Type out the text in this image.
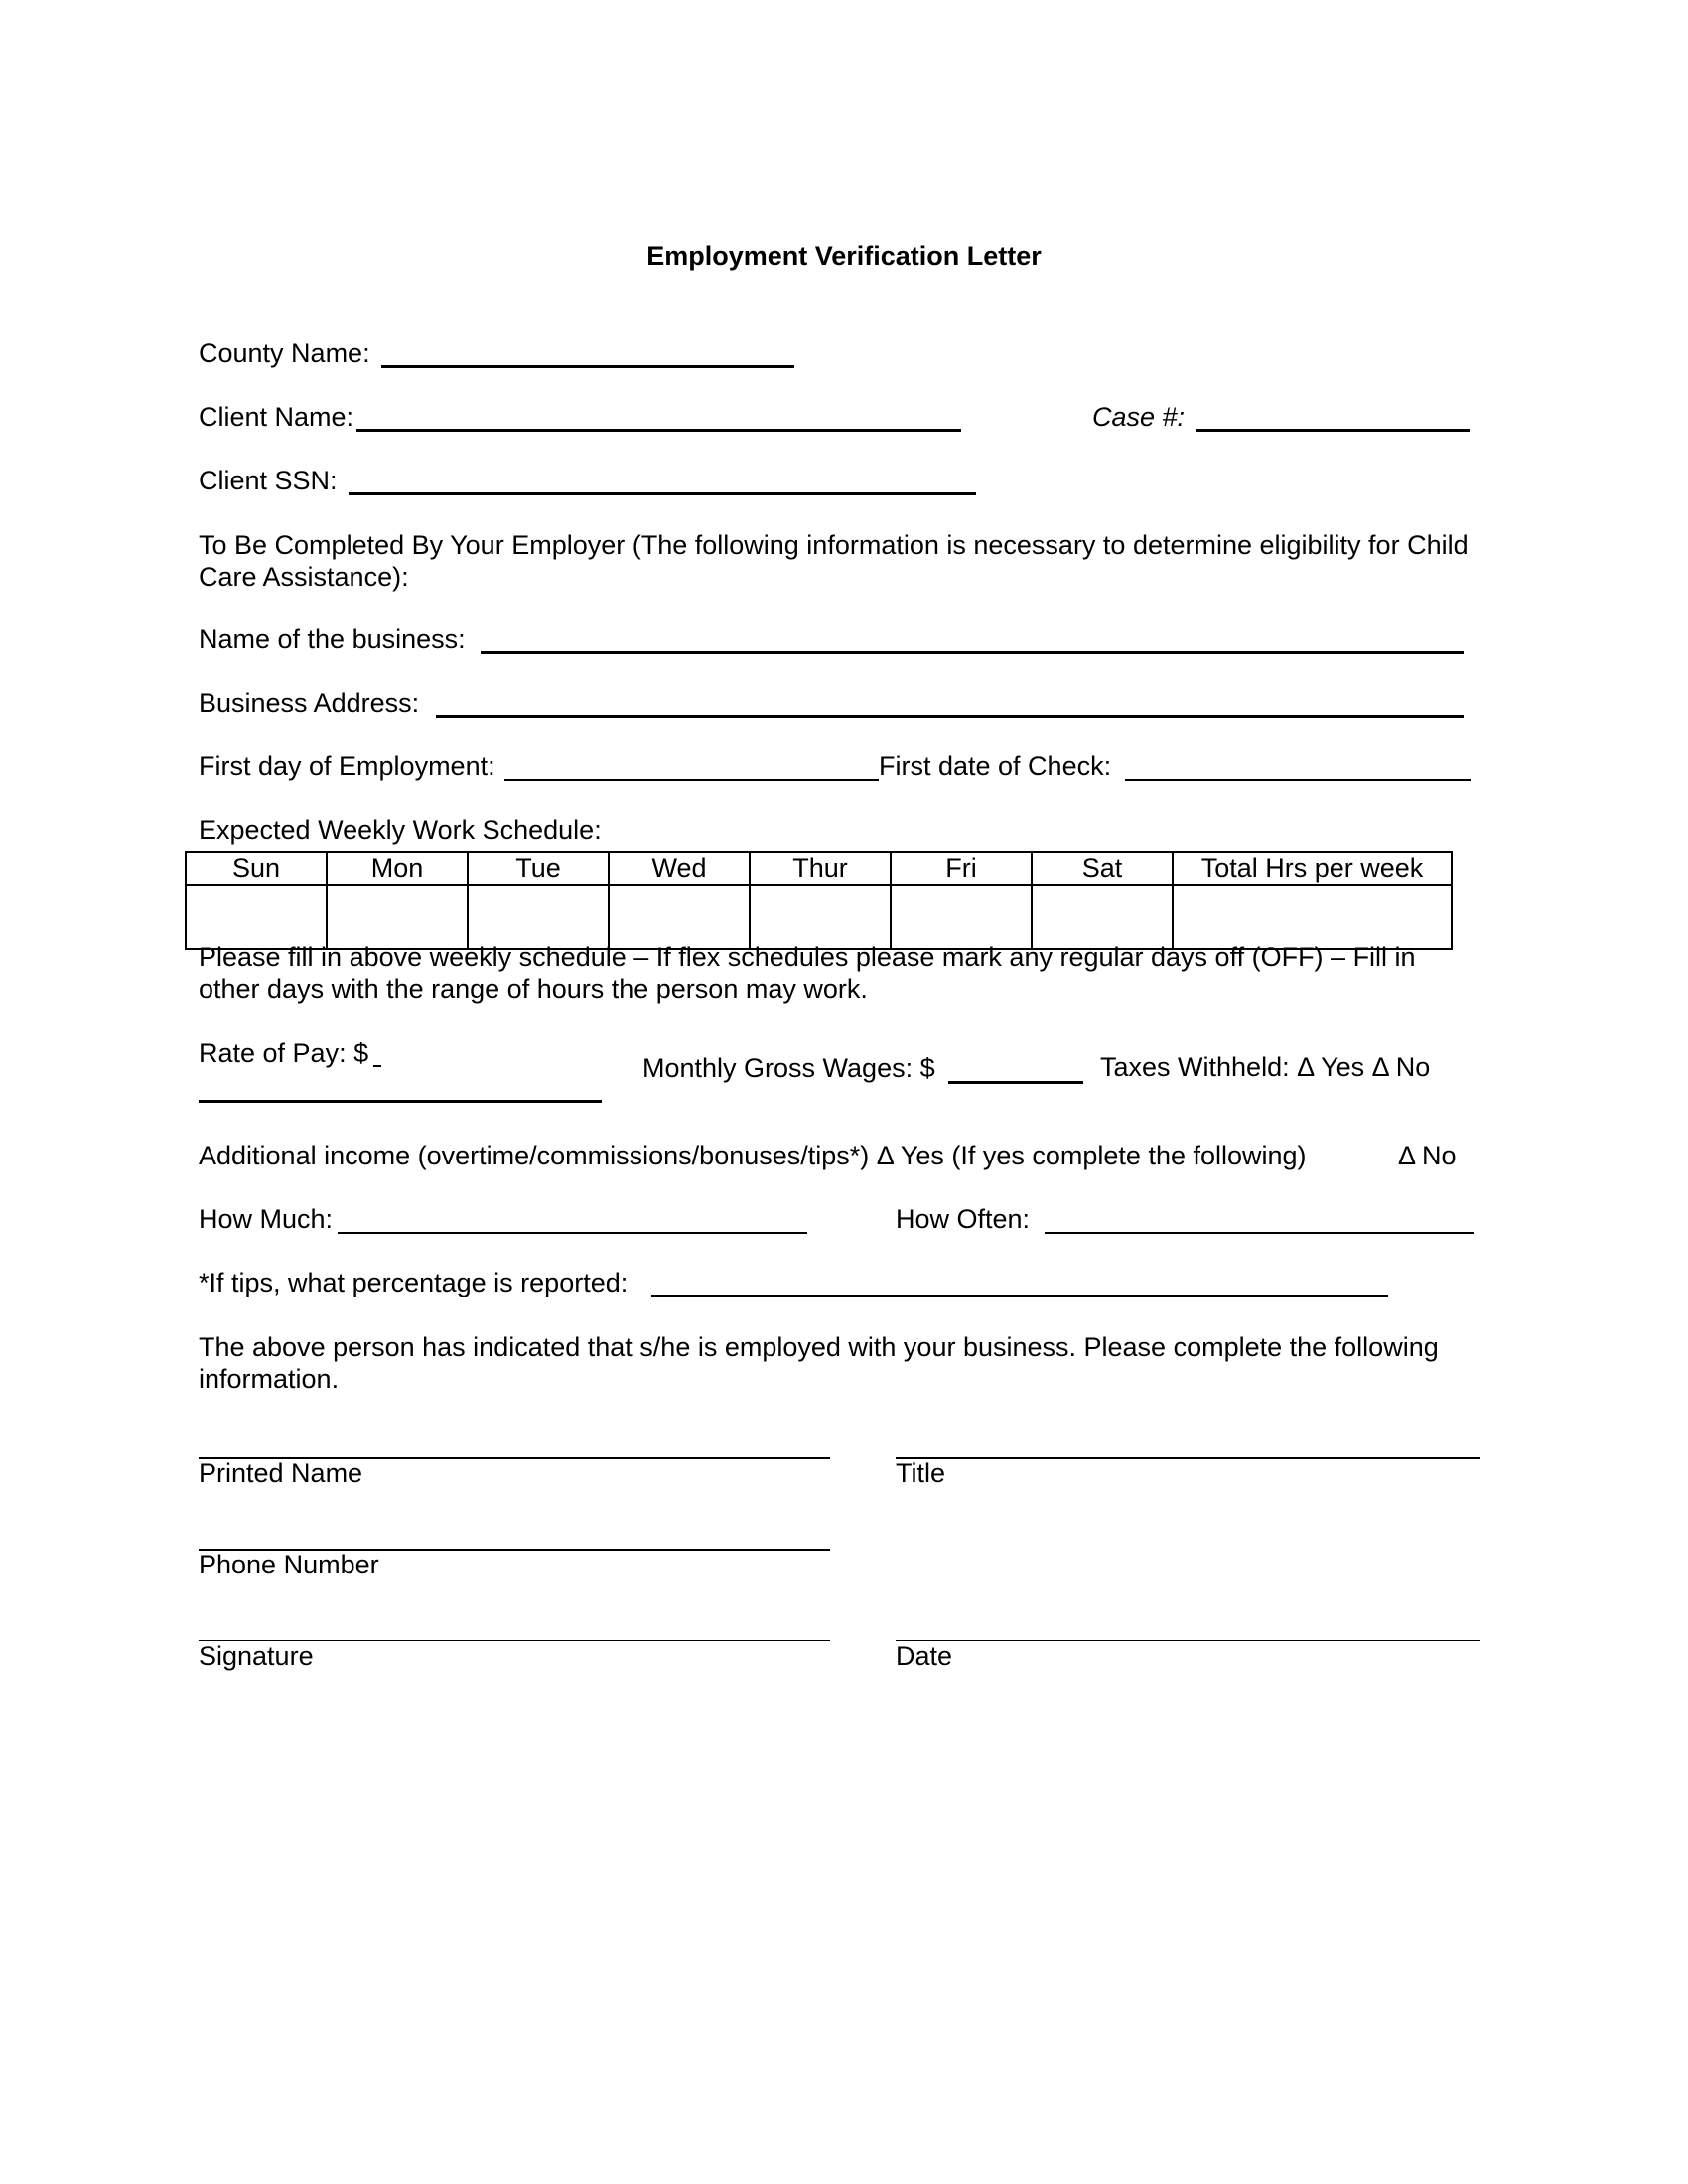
Employment Verification Letter
County Name:
Client Name:	Case #:
Client SSN:
To Be Completed By Your Employer (The following information is necessary to determine eligibility for Child Care Assistance):
Name of the business:
Business Address:
First day of Employment:	First date of Check:
Expected Weekly Work Schedule:
Sun	Mon	Tue	Wed	Thur	Fri	Sat	Total Hrs per week

Please fill in above weekly schedule – If flex schedules please mark any regular days off (OFF) – Fill in other days with the range of hours the person may work.
Rate of Pay: $	Monthly Gross Wages: $	Taxes Withheld: Δ Yes Δ No
Additional income (overtime/commissions/bonuses/tips*) Δ Yes (If yes complete the following)	Δ No
How Much:	How Often:
*If tips, what percentage is reported:
The above person has indicated that s/he is employed with your business. Please complete the following information.
Printed Name	Title
Phone Number
Signature	Date
